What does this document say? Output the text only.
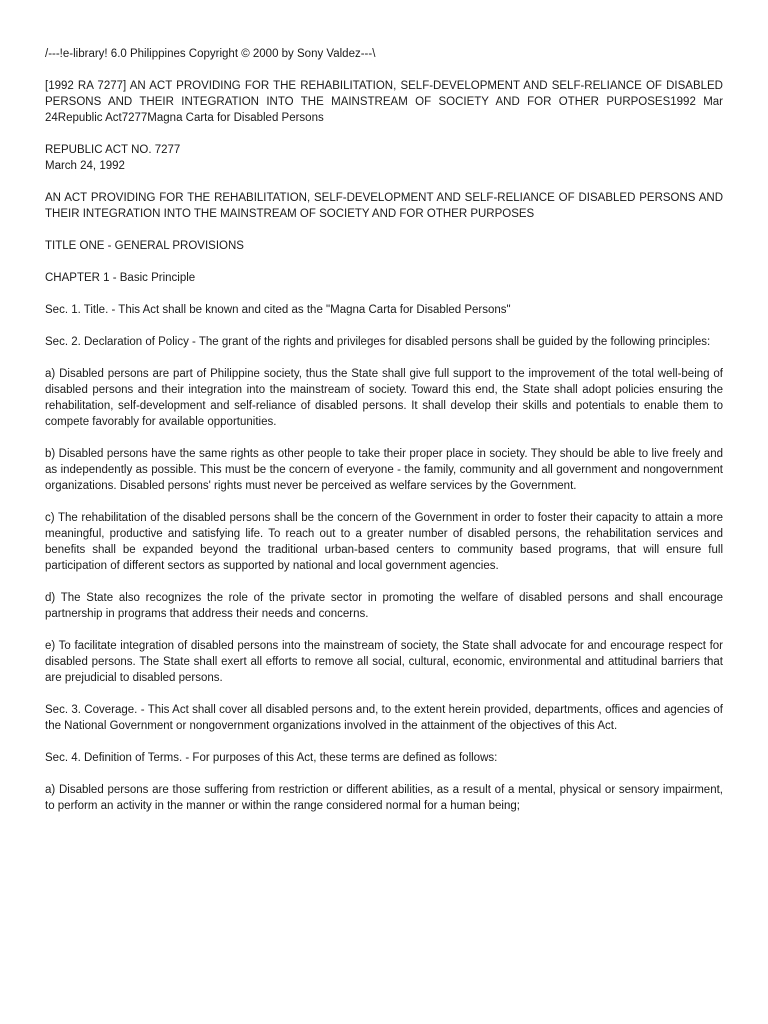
/---!e-library! 6.0 Philippines Copyright © 2000 by Sony Valdez---\

[1992 RA 7277] AN ACT PROVIDING FOR THE REHABILITATION, SELF-DEVELOPMENT AND SELF-RELIANCE OF DISABLED PERSONS AND THEIR INTEGRATION INTO THE MAINSTREAM OF SOCIETY AND FOR OTHER PURPOSES1992 Mar 24Republic Act7277Magna Carta for Disabled Persons

REPUBLIC ACT NO. 7277
March 24, 1992

AN ACT PROVIDING FOR THE REHABILITATION, SELF-DEVELOPMENT AND SELF-RELIANCE OF DISABLED PERSONS AND THEIR INTEGRATION INTO THE MAINSTREAM OF SOCIETY AND FOR OTHER PURPOSES

TITLE ONE - GENERAL PROVISIONS

CHAPTER 1 - Basic Principle

Sec. 1. Title. - This Act shall be known and cited as the "Magna Carta for Disabled Persons"

Sec. 2. Declaration of Policy - The grant of the rights and privileges for disabled persons shall be guided by the following principles:

a) Disabled persons are part of Philippine society, thus the State shall give full support to the improvement of the total well-being of disabled persons and their integration into the mainstream of society. Toward this end, the State shall adopt policies ensuring the rehabilitation, self-development and self-reliance of disabled persons. It shall develop their skills and potentials to enable them to compete favorably for available opportunities.

b) Disabled persons have the same rights as other people to take their proper place in society. They should be able to live freely and as independently as possible. This must be the concern of everyone - the family, community and all government and nongovernment organizations. Disabled persons' rights must never be perceived as welfare services by the Government.

c) The rehabilitation of the disabled persons shall be the concern of the Government in order to foster their capacity to attain a more meaningful, productive and satisfying life. To reach out to a greater number of disabled persons, the rehabilitation services and benefits shall be expanded beyond the traditional urban-based centers to community based programs, that will ensure full participation of different sectors as supported by national and local government agencies.

d) The State also recognizes the role of the private sector in promoting the welfare of disabled persons and shall encourage partnership in programs that address their needs and concerns.

e) To facilitate integration of disabled persons into the mainstream of society, the State shall advocate for and encourage respect for disabled persons. The State shall exert all efforts to remove all social, cultural, economic, environmental and attitudinal barriers that are prejudicial to disabled persons.

Sec. 3. Coverage. - This Act shall cover all disabled persons and, to the extent herein provided, departments, offices and agencies of the National Government or nongovernment organizations involved in the attainment of the objectives of this Act.

Sec. 4. Definition of Terms. - For purposes of this Act, these terms are defined as follows:

a) Disabled persons are those suffering from restriction or different abilities, as a result of a mental, physical or sensory impairment, to perform an activity in the manner or within the range considered normal for a human being;
